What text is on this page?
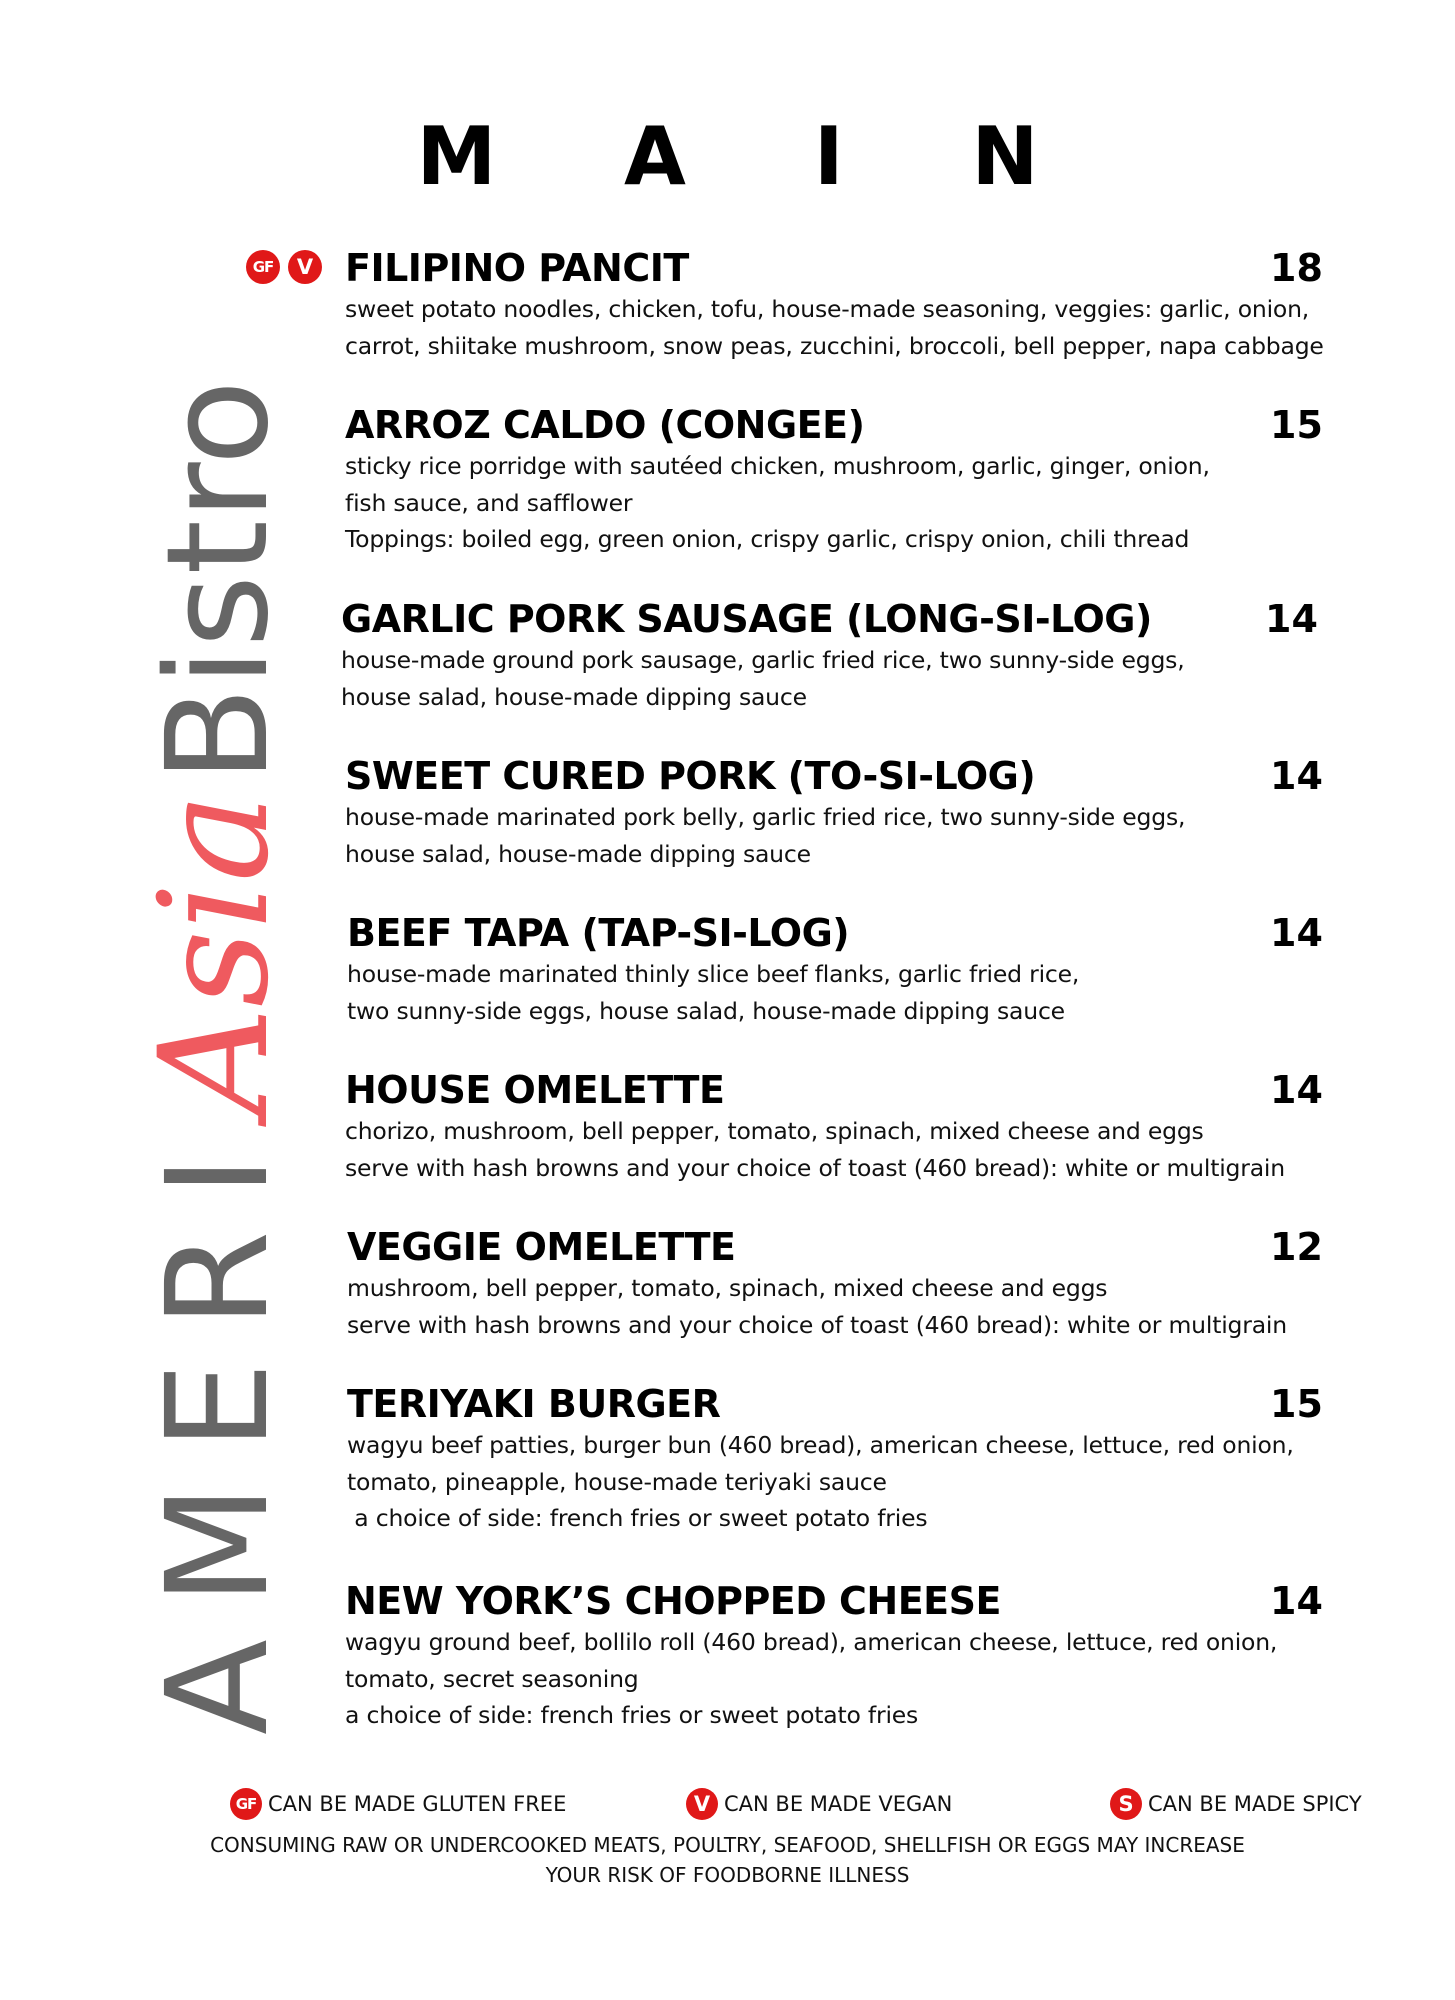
M A I N
AMERI
Asia
Bistro
GF	V FILIPINO PANCIT	18
sweet potato noodles, chicken, tofu, house-made seasoning, veggies: garlic, onion,
carrot, shiitake mushroom, snow peas, zucchini, broccoli, bell pepper, napa cabbage
ARROZ CALDO (CONGEE)	15
sticky rice porridge with sautéed chicken, mushroom, garlic, ginger, onion,
fish sauce, and safflower
Toppings: boiled egg, green onion, crispy garlic, crispy onion, chili thread
GARLIC PORK SAUSAGE (LONG-SI-LOG)	14
house-made ground pork sausage, garlic fried rice, two sunny-side eggs,
house salad, house-made dipping sauce
SWEET CURED PORK (TO-SI-LOG)	14
house-made marinated pork belly, garlic fried rice, two sunny-side eggs,
house salad, house-made dipping sauce
BEEF TAPA (TAP-SI-LOG)	14
house-made marinated thinly slice beef flanks, garlic fried rice,
two sunny-side eggs, house salad, house-made dipping sauce
HOUSE OMELETTE	14
chorizo, mushroom, bell pepper, tomato, spinach, mixed cheese and eggs
serve with hash browns and your choice of toast (460 bread): white or multigrain
VEGGIE OMELETTE	12
mushroom, bell pepper, tomato, spinach, mixed cheese and eggs
serve with hash browns and your choice of toast (460 bread): white or multigrain
TERIYAKI BURGER	15
wagyu beef patties, burger bun (460 bread), american cheese, lettuce, red onion,
tomato, pineapple, house-made teriyaki sauce
a choice of side: french fries or sweet potato fries
NEW YORK’S CHOPPED CHEESE	14
wagyu ground beef, bollilo roll (460 bread), american cheese, lettuce, red onion,
tomato, secret seasoning
a choice of side: french fries or sweet potato fries
GF CAN BE MADE GLUTEN FREE	V CAN BE MADE VEGAN	S CAN BE MADE SPICY
CONSUMING RAW OR UNDERCOOKED MEATS, POULTRY, SEAFOOD, SHELLFISH OR EGGS MAY INCREASE
YOUR RISK OF FOODBORNE ILLNESS
